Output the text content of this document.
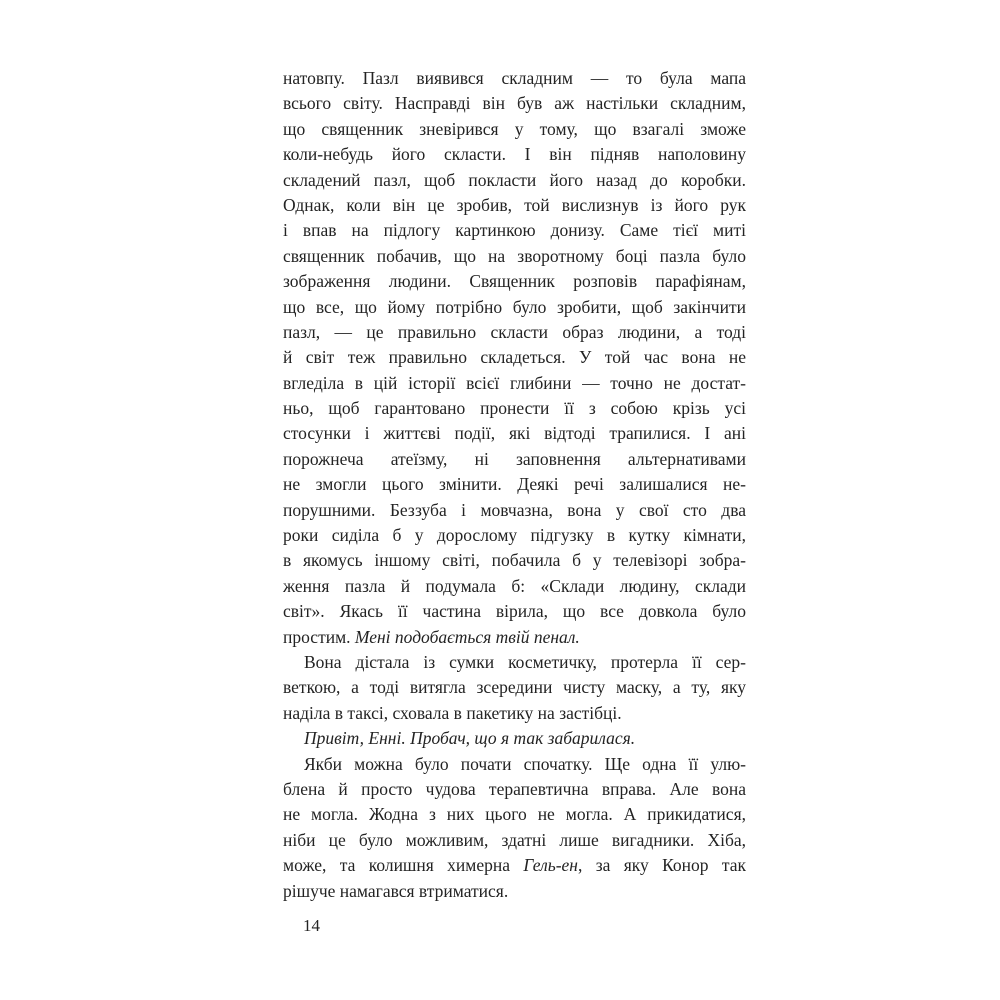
натовпу. Пазл виявився складним — то була мапа
всього світу. Насправді він був аж настільки складним,
що священник зневірився у тому, що взагалі зможе
коли-небудь його скласти. І він підняв наполовину
складений пазл, щоб покласти його назад до коробки.
Однак, коли він це зробив, той вислизнув із його рук
і впав на підлогу картинкою донизу. Саме тієї миті
священник побачив, що на зворотному боці пазла було
зображення людини. Священник розповів парафіянам,
що все, що йому потрібно було зробити, щоб закінчити
пазл, — це правильно скласти образ людини, а тоді
й світ теж правильно складеться. У той час вона не
вгледіла в цій історії всієї глибини — точно не достат-
ньо, щоб гарантовано пронести її з собою крізь усі
стосунки і життєві події, які відтоді трапилися. І ані
порожнеча атеїзму, ні заповнення альтернативами
не змогли цього змінити. Деякі речі залишалися не-
порушними. Беззуба і мовчазна, вона у свої сто два
роки сиділа б у дорослому підгузку в кутку кімнати,
в якомусь іншому світі, побачила б у телевізорі зобра-
ження пазла й подумала б: «Склади людину, склади
світ». Якась її частина вірила, що все довкола було
простим. Мені подобається твій пенал.
Вона дістала із сумки косметичку, протерла її сер-
веткою, а тоді витягла зсередини чисту маску, а ту, яку
наділа в таксі, сховала в пакетику на застібці.
Привіт, Енні. Пробач, що я так забарилася.
Якби можна було почати спочатку. Ще одна її улю-
блена й просто чудова терапевтична вправа. Але вона
не могла. Жодна з них цього не могла. А прикидатися,
ніби це було можливим, здатні лише вигадники. Хіба,
може, та колишня химерна Гель-ен, за яку Конор так
рішуче намагався втриматися.
14
